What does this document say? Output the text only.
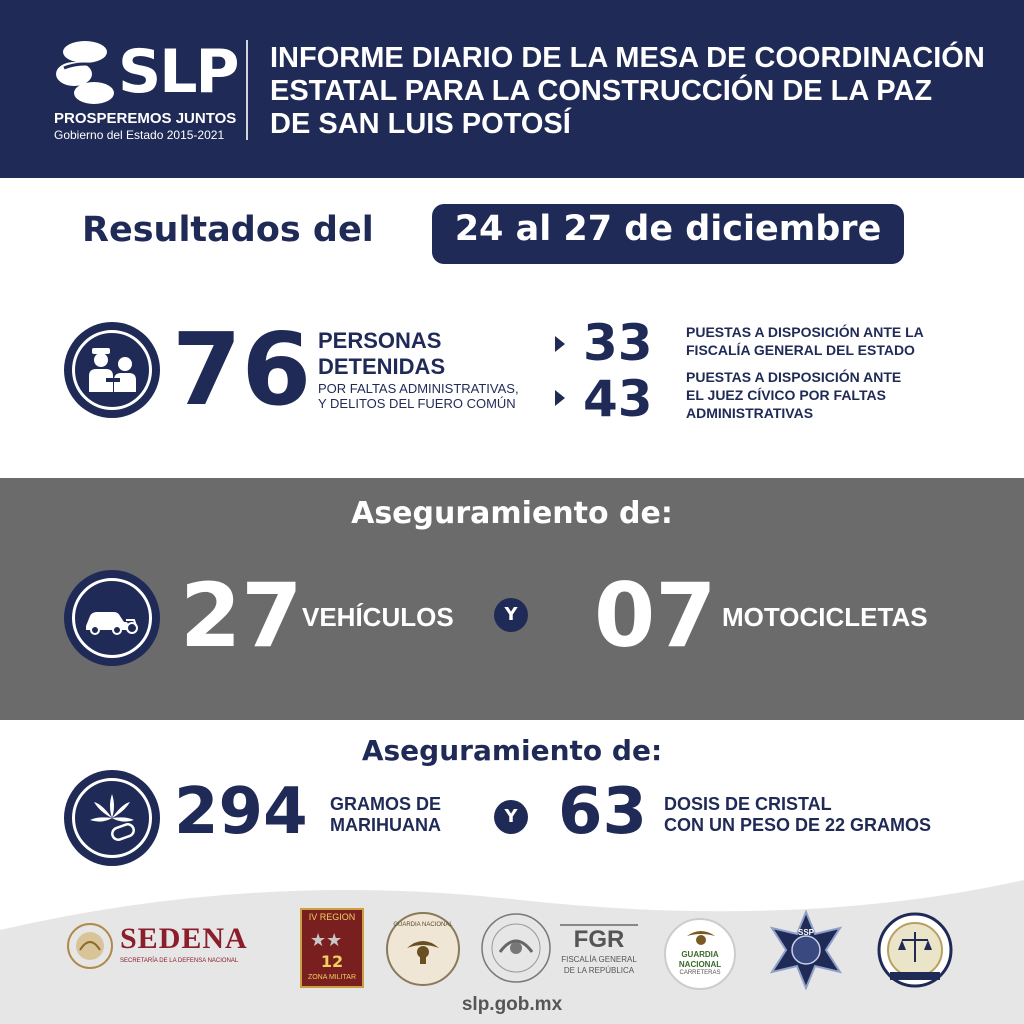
SLP
PROSPEREMOS JUNTOS
Gobierno del Estado 2015-2021
INFORME DIARIO DE LA MESA DE COORDINACIÓN
ESTATAL PARA LA CONSTRUCCIÓN DE LA PAZ
DE SAN LUIS POTOSÍ
Resultados del	24 al 27 de diciembre
76 PERSONAS
DETENIDAS
POR FALTAS ADMINISTRATIVAS,
Y DELITOS DEL FUERO COMÚN
33 PUESTAS A DISPOSICIÓN ANTE LA
FISCALÍA GENERAL DEL ESTADO
43 PUESTAS A DISPOSICIÓN ANTE
EL JUEZ CÍVICO POR FALTAS
ADMINISTRATIVAS
Aseguramiento de:
27 VEHÍCULOS	Y 07 MOTOCICLETAS
Aseguramiento de:
294 GRAMOS DE
MARIHUANA	Y 63 DOSIS DE CRISTAL
CON UN PESO DE 22 GRAMOS
SEDENA
SECRETARÍA DE LA DEFENSA NACIONAL
IV REGION
★★
12
ZONA MILITAR
GUARDIA NACIONAL
FGR
FISCALÍA GENERAL
DE LA REPÚBLICA
GUARDIA
NACIONAL
CARRETERAS
SSP
slp.gob.mx
